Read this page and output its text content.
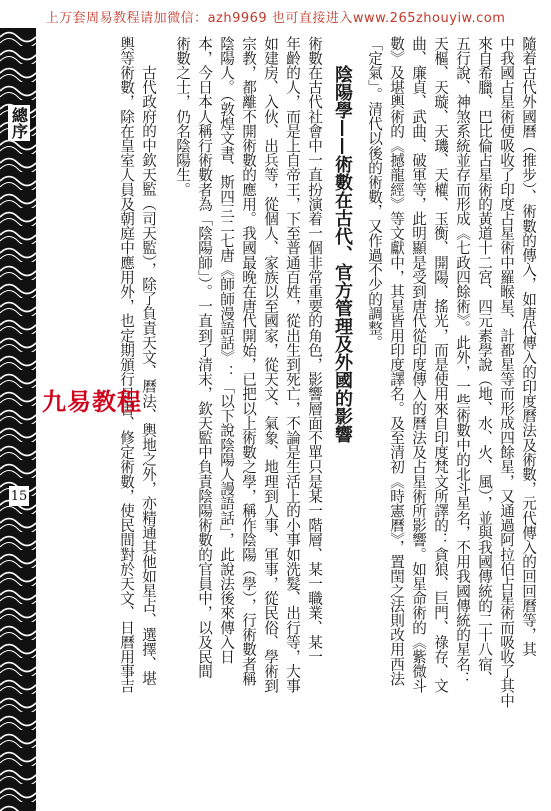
上万套周易教程请加微信：azh9969 也可直接进入www.265zhouyiw.com
總序
15	隨着古代外國曆（推步）、術數的傳入，如唐代傳入的印度曆法及術數，元代傳入的回回曆等，其
中我國占星術便吸收了印度占星術中羅睺星、計都星等而形成四餘星，又通過阿拉伯占星術而吸收了其中
來自希臘、巴比倫占星術的黃道十二宮、四元素學說（地、水、火、風），並與我國傳統的二十八宿、
五行說、神煞系統並存而形成《七政四餘術》。此外，一些術數中的北斗星名，不用我國傳統的星名：
天樞、天璇、天璣、天權、玉衡、開陽、搖光，而是使用來自印度梵文所譯的：貪狼、巨門、祿存、文
曲、廉貞、武曲、破軍等，此明顯是受到唐代從印度傳入的曆法及占星術所影響。如星命術的《紫微斗
數》及堪輿術的《撼龍經》等文獻中，其星皆用印度譯名。及至清初《時憲曆》，置閏之法則改用西法
「定氣」。清代以後的術數，又作過不少的調整。
陰陽學——術數在古代、官方管理及外國的影響
術數在古代社會中一直扮演着一個非常重要的角色，影響層面不單只是某一階層、某一職業、某一
年齡的人，而是上自帝王，下至普通百姓，從出生到死亡，不論是生活上的小事如洗髮、出行等，大事
如建房、入伙、出兵等，從個人、家族以至國家，從天文、氣象、地理到人事、軍事，從民俗、學術到
宗教，都離不開術數的應用。我國最晚在唐代開始，已把以上術數之學，稱作陰陽（學），行術數者稱
陰陽人。（敦煌文書、斯四三二七唐《師師漫語話》：「以下說陰陽人謾語話」，此說法後來傳入日
本，今日本人稱行術數者為「陰陽師」）。一直到了清末，欽天監中負責陰陽術數的官員中，以及民間
術數之士，仍名陰陽生。
古代政府的中欽天監（司天監），除了負責天文、曆法、輿地之外，亦精通其他如星占、選擇、堪
輿等術數，除在皇室人員及朝庭中應用外，也定期頒行日書、修定術數，使民間對於天文、日曆用事吉
九易教程
